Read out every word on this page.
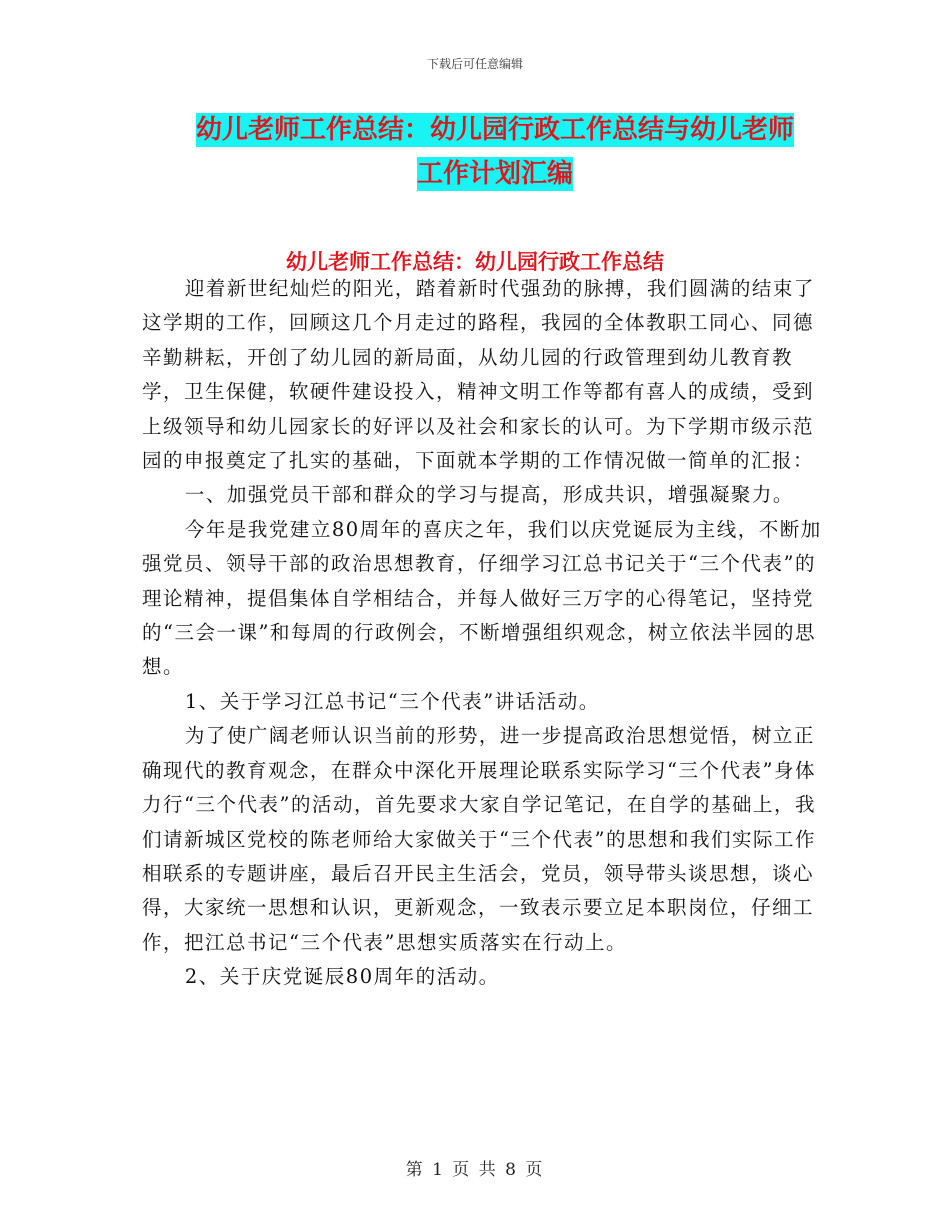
下载后可任意编辑
幼儿老师工作总结：幼儿园行政工作总结与幼儿老师
工作计划汇编
幼儿老师工作总结：幼儿园行政工作总结

迎着新世纪灿烂的阳光，踏着新时代强劲的脉搏，我们圆满的结束了这学期的工作，回顾这几个月走过的路程，我园的全体教职工同心、同德辛勤耕耘，开创了幼儿园的新局面，从幼儿园的行政管理到幼儿教育教学，卫生保健，软硬件建设投入，精神文明工作等都有喜人的成绩，受到上级领导和幼儿园家长的好评以及社会和家长的认可。为下学期市级示范园的申报奠定了扎实的基础，下面就本学期的工作情况做一简单的汇报：

一、加强党员干部和群众的学习与提高，形成共识，增强凝聚力。

今年是我党建立80周年的喜庆之年，我们以庆党诞辰为主线，不断加强党员、领导干部的政治思想教育，仔细学习江总书记关于“三个代表”的理论精神，提倡集体自学相结合，并每人做好三万字的心得笔记，坚持党的“三会一课”和每周的行政例会，不断增强组织观念，树立依法半园的思想。

1、关于学习江总书记“三个代表”讲话活动。

为了使广阔老师认识当前的形势，进一步提高政治思想觉悟，树立正确现代的教育观念，在群众中深化开展理论联系实际学习“三个代表”身体力行“三个代表”的活动，首先要求大家自学记笔记，在自学的基础上，我们请新城区党校的陈老师给大家做关于“三个代表”的思想和我们实际工作相联系的专题讲座，最后召开民主生活会，党员，领导带头谈思想，谈心得，大家统一思想和认识，更新观念，一致表示要立足本职岗位，仔细工作，把江总书记“三个代表”思想实质落实在行动上。

2、关于庆党诞辰80周年的活动。

第 1 页 共 8 页
